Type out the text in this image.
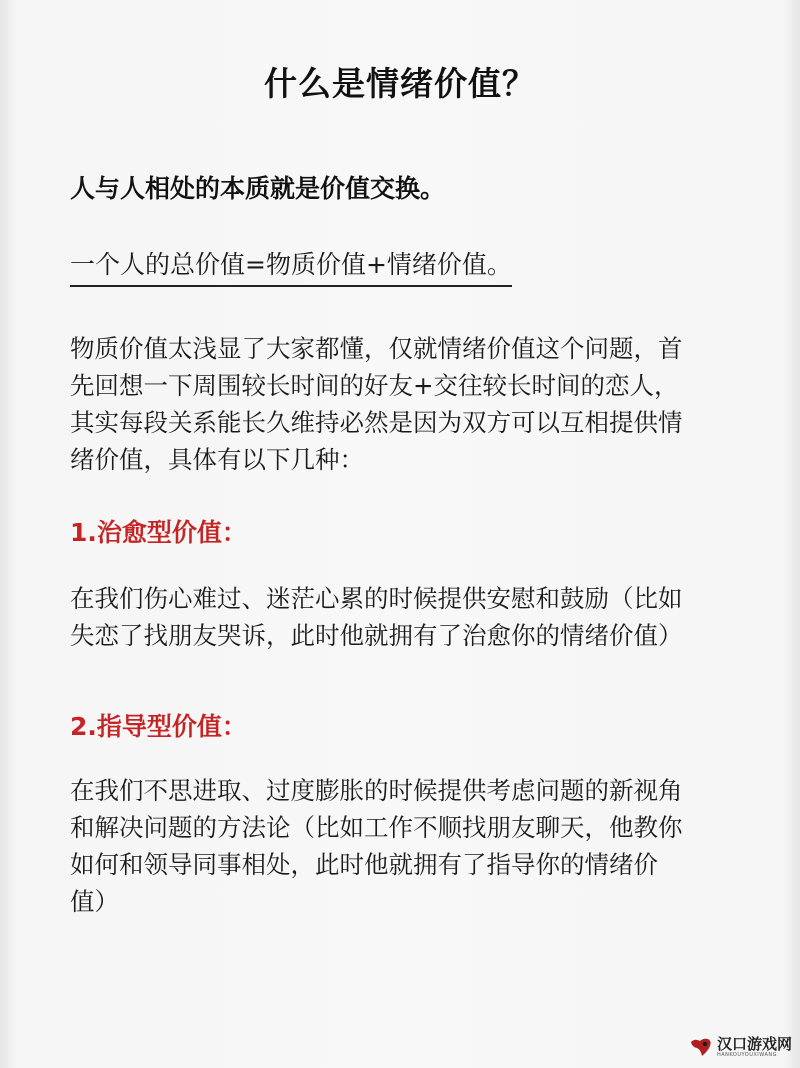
什么是情绪价值？

人与人相处的本质就是价值交换。

一个人的总价值=物质价值+情绪价值。

物质价值太浅显了大家都懂，仅就情绪价值这个问题，首
先回想一下周围较长时间的好友+交往较长时间的恋人，
其实每段关系能长久维持必然是因为双方可以互相提供情
绪价值，具体有以下几种：

1.治愈型价值：

在我们伤心难过、迷茫心累的时候提供安慰和鼓励（比如
失恋了找朋友哭诉，此时他就拥有了治愈你的情绪价值）

2.指导型价值：

在我们不思进取、过度膨胀的时候提供考虑问题的新视角
和解决问题的方法论（比如工作不顺找朋友聊天，他教你
如何和领导同事相处，此时他就拥有了指导你的情绪价
值）
汉口游戏网
HANKOUYOUXIWANG
